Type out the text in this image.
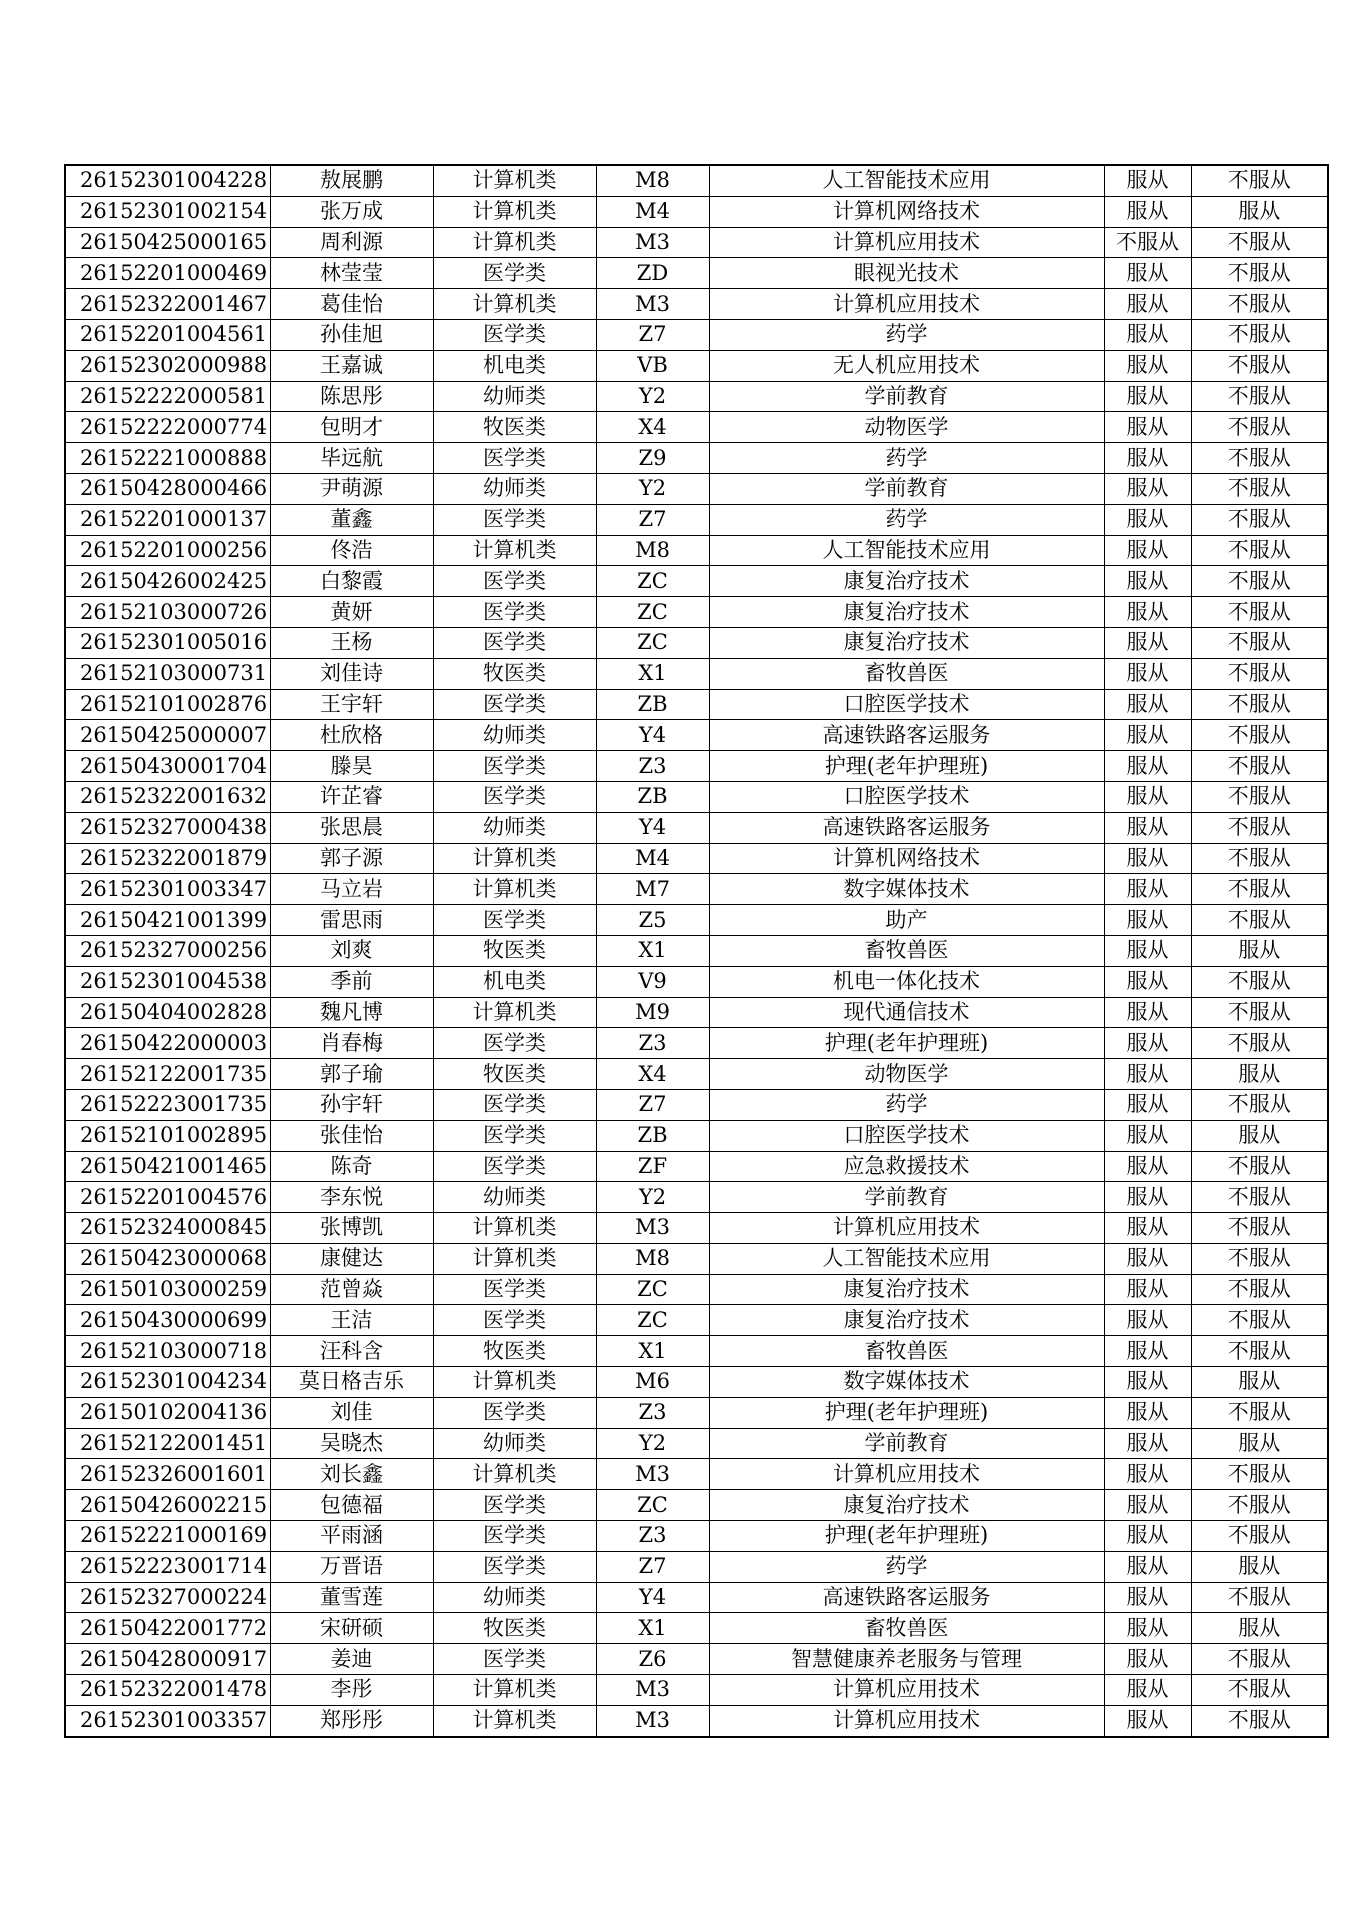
26152301004228	敖展鹏	计算机类	M8	人工智能技术应用	服从	不服从
26152301002154	张万成	计算机类	M4	计算机网络技术	服从	服从
26150425000165	周利源	计算机类	M3	计算机应用技术	不服从	不服从
26152201000469	林莹莹	医学类	ZD	眼视光技术	服从	不服从
26152322001467	葛佳怡	计算机类	M3	计算机应用技术	服从	不服从
26152201004561	孙佳旭	医学类	Z7	药学	服从	不服从
26152302000988	王嘉诚	机电类	VB	无人机应用技术	服从	不服从
26152222000581	陈思彤	幼师类	Y2	学前教育	服从	不服从
26152222000774	包明才	牧医类	X4	动物医学	服从	不服从
26152221000888	毕远航	医学类	Z9	药学	服从	不服从
26150428000466	尹萌源	幼师类	Y2	学前教育	服从	不服从
26152201000137	董鑫	医学类	Z7	药学	服从	不服从
26152201000256	佟浩	计算机类	M8	人工智能技术应用	服从	不服从
26150426002425	白黎霞	医学类	ZC	康复治疗技术	服从	不服从
26152103000726	黄妍	医学类	ZC	康复治疗技术	服从	不服从
26152301005016	王杨	医学类	ZC	康复治疗技术	服从	不服从
26152103000731	刘佳诗	牧医类	X1	畜牧兽医	服从	不服从
26152101002876	王宇轩	医学类	ZB	口腔医学技术	服从	不服从
26150425000007	杜欣格	幼师类	Y4	高速铁路客运服务	服从	不服从
26150430001704	滕昊	医学类	Z3	护理(老年护理班)	服从	不服从
26152322001632	许芷睿	医学类	ZB	口腔医学技术	服从	不服从
26152327000438	张思晨	幼师类	Y4	高速铁路客运服务	服从	不服从
26152322001879	郭子源	计算机类	M4	计算机网络技术	服从	不服从
26152301003347	马立岩	计算机类	M7	数字媒体技术	服从	不服从
26150421001399	雷思雨	医学类	Z5	助产	服从	不服从
26152327000256	刘爽	牧医类	X1	畜牧兽医	服从	服从
26152301004538	季前	机电类	V9	机电一体化技术	服从	不服从
26150404002828	魏凡博	计算机类	M9	现代通信技术	服从	不服从
26150422000003	肖春梅	医学类	Z3	护理(老年护理班)	服从	不服从
26152122001735	郭子瑜	牧医类	X4	动物医学	服从	服从
26152223001735	孙宇轩	医学类	Z7	药学	服从	不服从
26152101002895	张佳怡	医学类	ZB	口腔医学技术	服从	服从
26150421001465	陈奇	医学类	ZF	应急救援技术	服从	不服从
26152201004576	李东悦	幼师类	Y2	学前教育	服从	不服从
26152324000845	张博凯	计算机类	M3	计算机应用技术	服从	不服从
26150423000068	康健达	计算机类	M8	人工智能技术应用	服从	不服从
26150103000259	范曾焱	医学类	ZC	康复治疗技术	服从	不服从
26150430000699	王洁	医学类	ZC	康复治疗技术	服从	不服从
26152103000718	汪科含	牧医类	X1	畜牧兽医	服从	不服从
26152301004234	莫日格吉乐	计算机类	M6	数字媒体技术	服从	服从
26150102004136	刘佳	医学类	Z3	护理(老年护理班)	服从	不服从
26152122001451	吴晓杰	幼师类	Y2	学前教育	服从	服从
26152326001601	刘长鑫	计算机类	M3	计算机应用技术	服从	不服从
26150426002215	包德福	医学类	ZC	康复治疗技术	服从	不服从
26152221000169	平雨涵	医学类	Z3	护理(老年护理班)	服从	不服从
26152223001714	万晋语	医学类	Z7	药学	服从	服从
26152327000224	董雪莲	幼师类	Y4	高速铁路客运服务	服从	不服从
26150422001772	宋研硕	牧医类	X1	畜牧兽医	服从	服从
26150428000917	姜迪	医学类	Z6	智慧健康养老服务与管理	服从	不服从
26152322001478	李彤	计算机类	M3	计算机应用技术	服从	不服从
26152301003357	郑彤彤	计算机类	M3	计算机应用技术	服从	不服从
